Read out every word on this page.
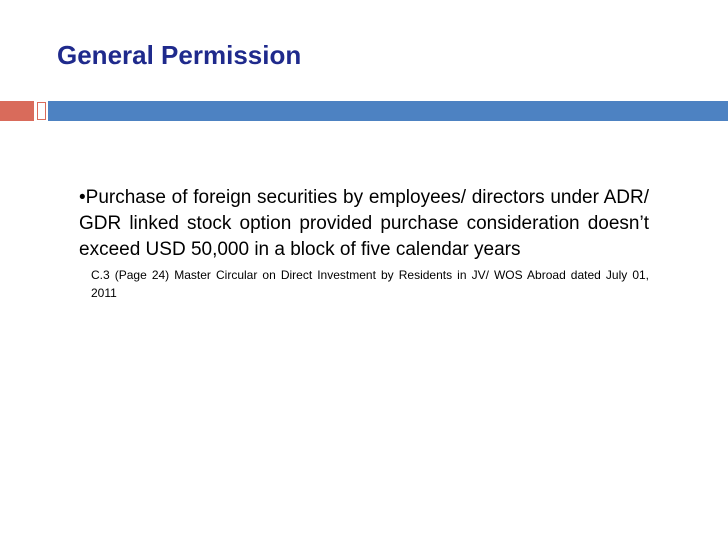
General Permission

•Purchase of foreign securities by employees/ directors under ADR/ GDR linked stock option provided purchase consideration doesn’t exceed USD 50,000 in a block of five calendar years

C.3 (Page 24) Master Circular on Direct Investment by Residents in JV/ WOS Abroad dated July 01, 2011
